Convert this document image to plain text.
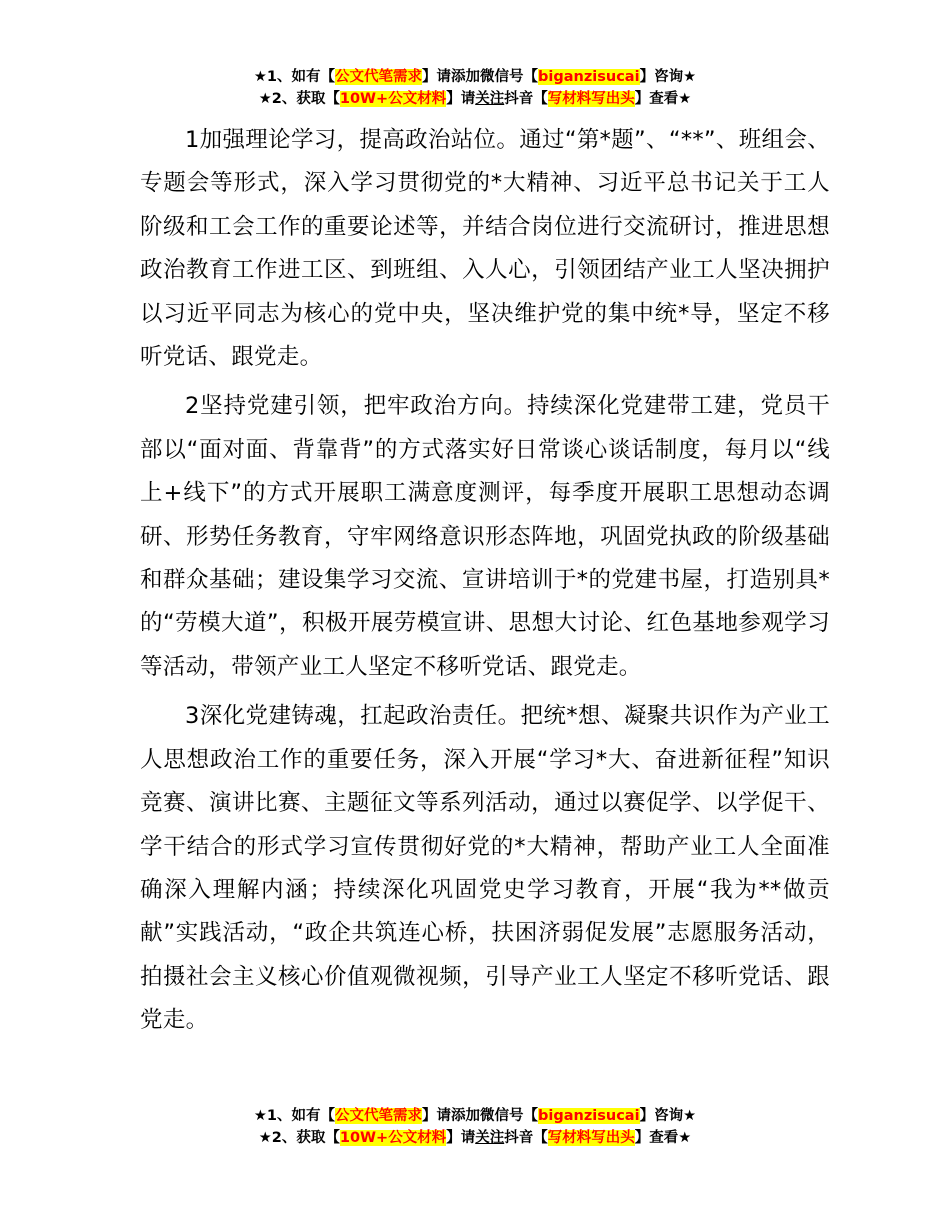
★1、如有【公文代笔需求】请添加微信号【biganzisucai】咨询★
★2、获取【10W+公文材料】请关注抖音【写材料写出头】查看★

1加强理论学习，提高政治站位。通过“第*题”、“**”、班组会、专题会等形式，深入学习贯彻党的*大精神、习近平总书记关于工人阶级和工会工作的重要论述等，并结合岗位进行交流研讨，推进思想政治教育工作进工区、到班组、入人心，引领团结产业工人坚决拥护以习近平同志为核心的党中央，坚决维护党的集中统*导，坚定不移听党话、跟党走。

2坚持党建引领，把牢政治方向。持续深化党建带工建，党员干部以“面对面、背靠背”的方式落实好日常谈心谈话制度，每月以“线上+线下”的方式开展职工满意度测评，每季度开展职工思想动态调研、形势任务教育，守牢网络意识形态阵地，巩固党执政的阶级基础和群众基础；建设集学习交流、宣讲培训于*的党建书屋，打造别具*的“劳模大道”，积极开展劳模宣讲、思想大讨论、红色基地参观学习等活动，带领产业工人坚定不移听党话、跟党走。

3深化党建铸魂，扛起政治责任。把统*想、凝聚共识作为产业工人思想政治工作的重要任务，深入开展“学习*大、奋进新征程”知识竞赛、演讲比赛、主题征文等系列活动，通过以赛促学、以学促干、学干结合的形式学习宣传贯彻好党的*大精神，帮助产业工人全面准确深入理解内涵；持续深化巩固党史学习教育，开展“我为**做贡献”实践活动，“政企共筑连心桥，扶困济弱促发展”志愿服务活动，拍摄社会主义核心价值观微视频，引导产业工人坚定不移听党话、跟党走。

★1、如有【公文代笔需求】请添加微信号【biganzisucai】咨询★
★2、获取【10W+公文材料】请关注抖音【写材料写出头】查看★
